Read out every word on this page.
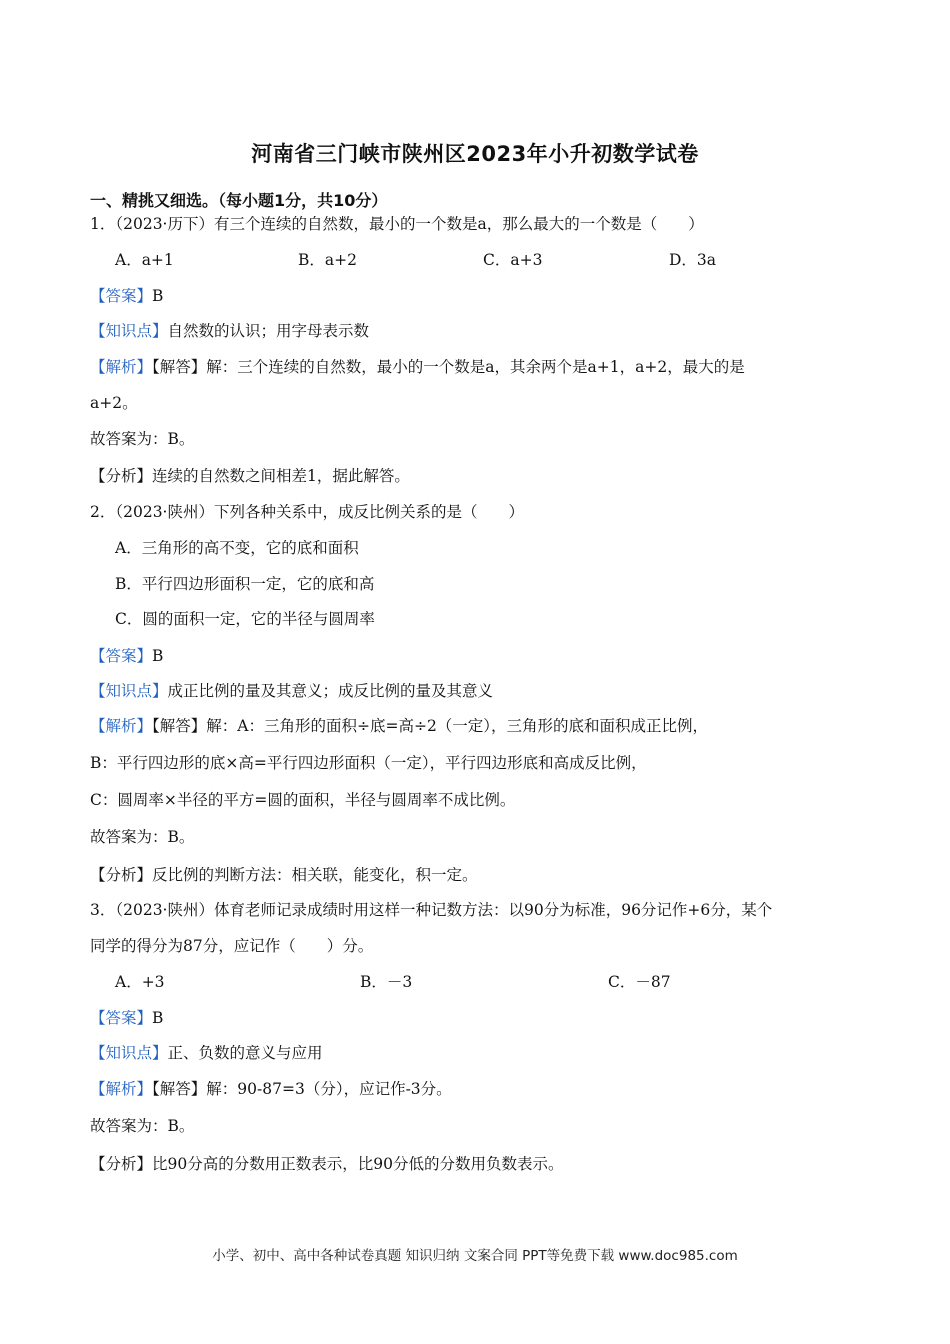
河南省三门峡市陕州区2023年小升初数学试卷
一、精挑又细选。（每小题1分，共10分）
1．（2023·历下）有三个连续的自然数，最小的一个数是a，那么最大的一个数是（　　）
A．a+1	B．a+2	C．a+3	D．3a
【答案】B
【知识点】自然数的认识；用字母表示数
【解析】【解答】解：三个连续的自然数，最小的一个数是a，其余两个是a+1，a+2，最大的是
a+2。
故答案为：B。
【分析】连续的自然数之间相差1，据此解答。
2．（2023·陕州）下列各种关系中，成反比例关系的是（　　）
A．三角形的高不变，它的底和面积
B．平行四边形面积一定，它的底和高
C．圆的面积一定，它的半径与圆周率
【答案】B
【知识点】成正比例的量及其意义；成反比例的量及其意义
【解析】【解答】解：A：三角形的面积÷底=高÷2（一定），三角形的底和面积成正比例，
B：平行四边形的底×高=平行四边形面积（一定），平行四边形底和高成反比例，
C：圆周率×半径的平方=圆的面积，半径与圆周率不成比例。
故答案为：B。
【分析】反比例的判断方法：相关联，能变化，积一定。
3．（2023·陕州）体育老师记录成绩时用这样一种记数方法：以90分为标准，96分记作+6分，某个
同学的得分为87分，应记作（　　）分。
A．+3	B．－3	C．－87
【答案】B
【知识点】正、负数的意义与应用
【解析】【解答】解：90-87=3（分），应记作-3分。
故答案为：B。
【分析】比90分高的分数用正数表示，比90分低的分数用负数表示。
小学、初中、高中各种试卷真题 知识归纳 文案合同 PPT等免费下载 www.doc985.com
